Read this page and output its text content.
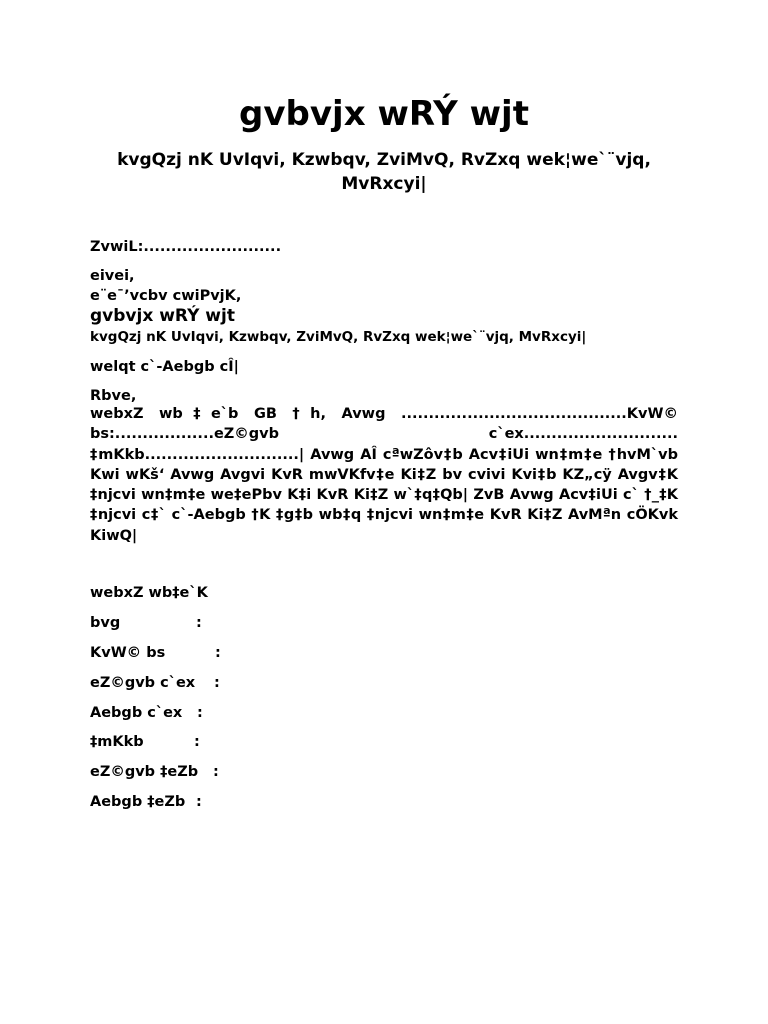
gvbvjx wRÝ wjt
kvgQzj nK UvIqvi, Kzwbqv, ZviMvQ, RvZxq wek¦we`¨vjq, MvRxcyi|
ZvwiL:.........................
eivei,
e¨e¯’vcbv cwiPvjK,
gvbvjx wRÝ wjt
kvgQzj nK UvIqvi, Kzwbqv, ZviMvQ, RvZxq wek¦we`¨vjq, MvRxcyi|
welqt c`-Aebgb cÎ|
Rbve,
webxZ wb‡e`b GB †h, Avwg .........................................KvW© bs:..................eZ©gvb c`ex............................ ‡mKkb............................| Avwg AÎ cªwZôv‡b Acv‡iUi wn‡m‡e †hvM`vb Kwi wKš‘ Avwg Avgvi KvR mwVKfv‡e Ki‡Z bv cvivi Kvi‡b KZ„cÿ Avgv‡K ‡njcvi wn‡m‡e we‡ePbv K‡i KvR Ki‡Z w`‡q‡Qb| ZvB Avwg Acv‡iUi c` †_‡K ‡njcvi c‡` c`-Aebgb †K ‡g‡b wb‡q ‡njcvi wn‡m‡e KvR Ki‡Z AvMªn cÖKvk KiwQ|
webxZ wb‡e`K
bvg	:
KvW© bs	:
eZ©gvb c`ex :
Aebgb c`ex :
‡mKkb	:
eZ©gvb ‡eZb :
Aebgb ‡eZb :
